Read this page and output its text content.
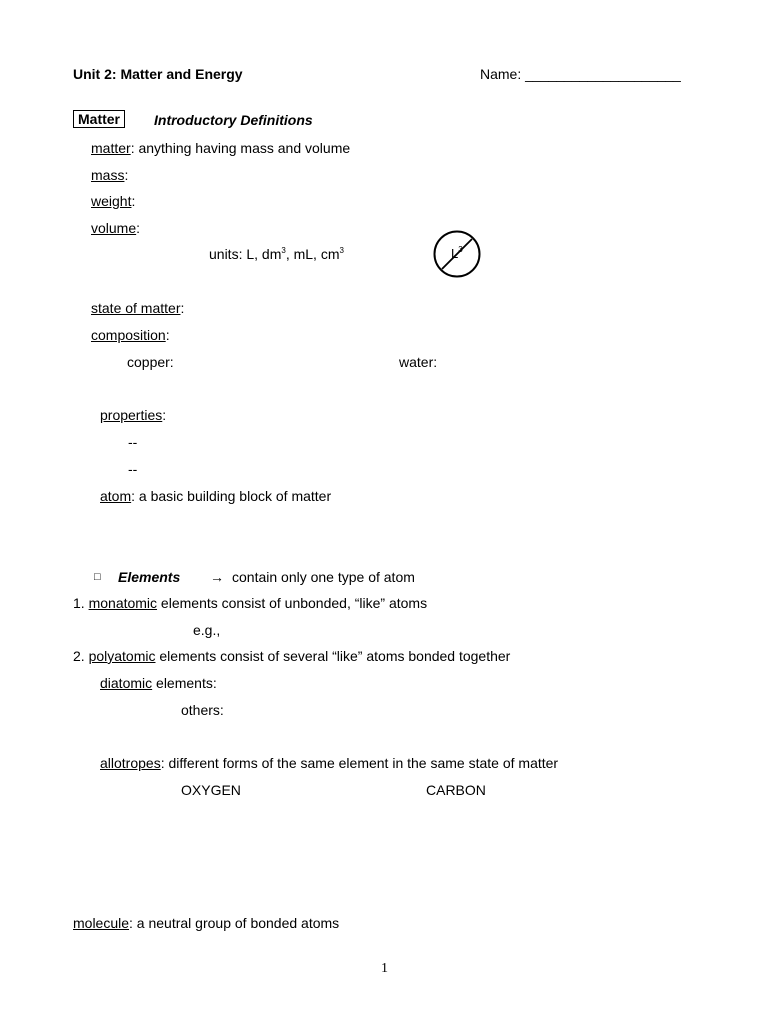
Unit 2: Matter and Energy	Name: ____________________
Matter	Introductory Definitions
matter: anything having mass and volume
mass:
weight:
volume:
units: L, $dm^3$, mL, $cm^3$	$L^3$
state of matter:
composition:
copper:	water:
properties:
--
--
atom: a basic building block of matter
□ Elements → contain only one type of atom
1. monatomic elements consist of unbonded, “like” atoms
e.g.,
2. polyatomic elements consist of several “like” atoms bonded together
diatomic elements:
others:
allotropes: different forms of the same element in the same state of matter
OXYGEN	CARBON
molecule: a neutral group of bonded atoms
1
